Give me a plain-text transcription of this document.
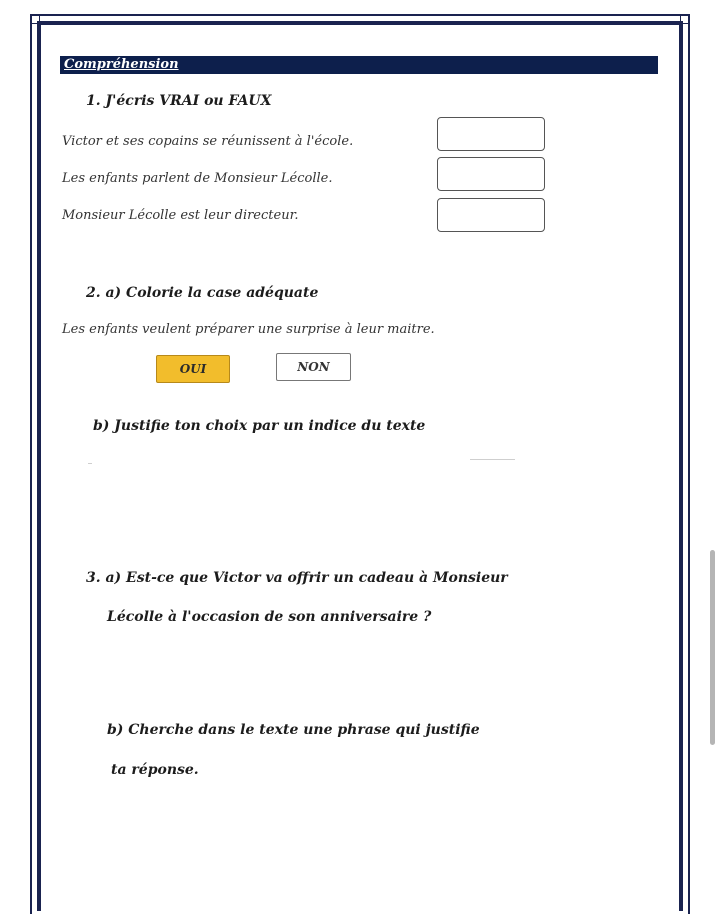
Compréhension
1. J'écris VRAI ou FAUX
Victor et ses copains se réunissent à l'école.
Les enfants parlent de Monsieur Lécolle.
Monsieur Lécolle est leur directeur.
2. a) Colorie la case adéquate
Les enfants veulent préparer une surprise à leur maitre.
OUI	NON
b) Justifie ton choix par un indice du texte
3. a) Est-ce que Victor va offrir un cadeau à Monsieur
Lécolle à l'occasion de son anniversaire ?
b) Cherche dans le texte une phrase qui justifie
ta réponse.
